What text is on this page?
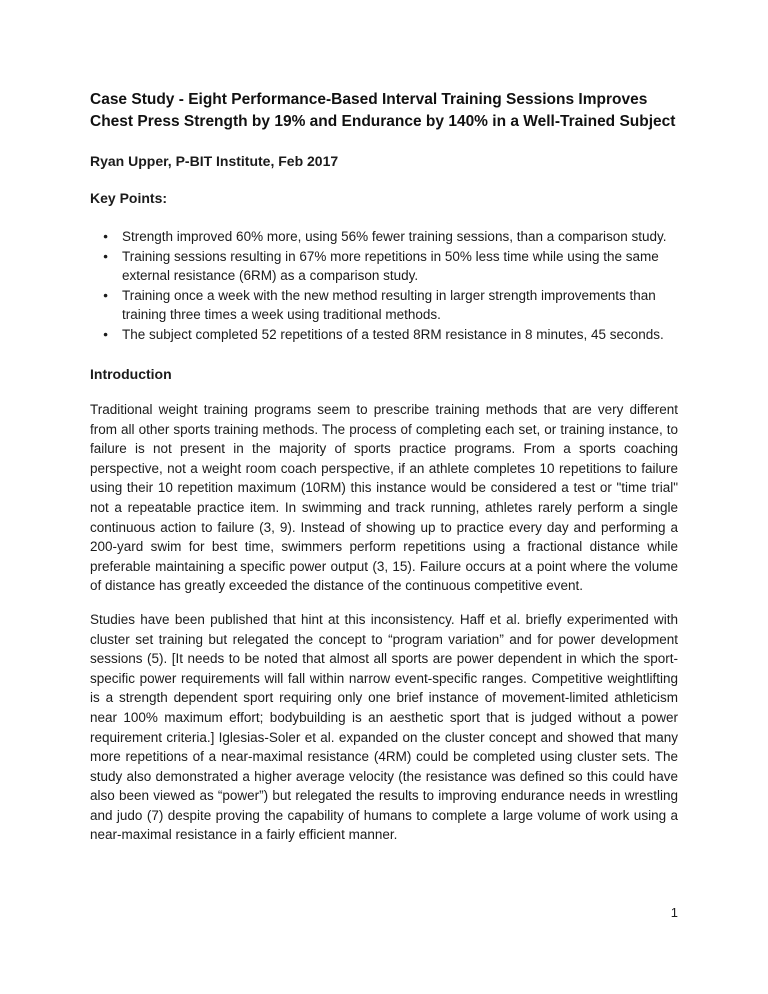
Case Study - Eight Performance-Based Interval Training Sessions Improves
Chest Press Strength by 19% and Endurance by 140% in a Well-Trained Subject

Ryan Upper, P-BIT Institute, Feb 2017

Key Points:

● Strength improved 60% more, using 56% fewer training sessions, than a comparison study.
● Training sessions resulting in 67% more repetitions in 50% less time while using the same external resistance (6RM) as a comparison study.
● Training once a week with the new method resulting in larger strength improvements than training three times a week using traditional methods.
● The subject completed 52 repetitions of a tested 8RM resistance in 8 minutes, 45 seconds.

Introduction

Traditional weight training programs seem to prescribe training methods that are very different from all other sports training methods. The process of completing each set, or training instance, to failure is not present in the majority of sports practice programs. From a sports coaching perspective, not a weight room coach perspective, if an athlete completes 10 repetitions to failure using their 10 repetition maximum (10RM) this instance would be considered a test or "time trial" not a repeatable practice item. In swimming and track running, athletes rarely perform a single continuous action to failure (3, 9). Instead of showing up to practice every day and performing a 200-yard swim for best time, swimmers perform repetitions using a fractional distance while preferable maintaining a specific power output (3, 15). Failure occurs at a point where the volume of distance has greatly exceeded the distance of the continuous competitive event.

Studies have been published that hint at this inconsistency. Haff et al. briefly experimented with cluster set training but relegated the concept to “program variation” and for power development sessions (5). [It needs to be noted that almost all sports are power dependent in which the sport-specific power requirements will fall within narrow event-specific ranges. Competitive weightlifting is a strength dependent sport requiring only one brief instance of movement-limited athleticism near 100% maximum effort; bodybuilding is an aesthetic sport that is judged without a power requirement criteria.] Iglesias-Soler et al. expanded on the cluster concept and showed that many more repetitions of a near-maximal resistance (4RM) could be completed using cluster sets. The study also demonstrated a higher average velocity (the resistance was defined so this could have also been viewed as “power”) but relegated the results to improving endurance needs in wrestling and judo (7) despite proving the capability of humans to complete a large volume of work using a near-maximal resistance in a fairly efficient manner.

1
